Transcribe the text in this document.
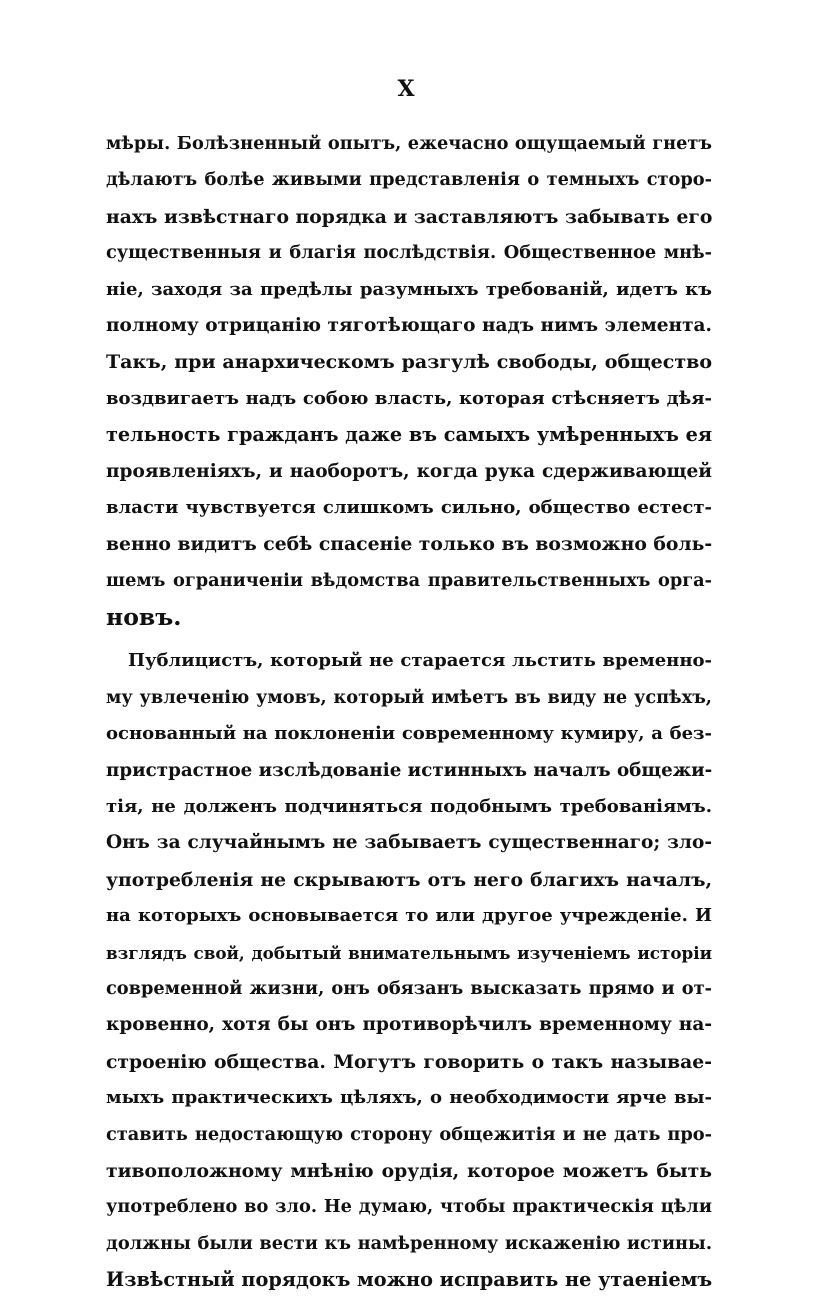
X
мѣры. Болѣзненный опытъ, ежечасно ощущаемый гнетъ
дѣлаютъ болѣе живыми представленія о темныхъ сторо-
нахъ извѣстнаго порядка и заставляютъ забывать его
существенныя и благія послѣдствія. Общественное мнѣ-
ніе, заходя за предѣлы разумныхъ требованій, идетъ къ
полному отрицанію тяготѣющаго надъ нимъ элемента.
Такъ, при анархическомъ разгулѣ свободы, общество
воздвигаетъ надъ собою власть, которая стѣсняетъ дѣя-
тельность гражданъ даже въ самыхъ умѣренныхъ ея
проявленіяхъ, и наоборотъ, когда рука сдерживающей
власти чувствуется слишкомъ сильно, общество естест-
венно видитъ себѣ спасеніе только въ возможно боль-
шемъ ограниченіи вѣдомства правительственныхъ орга-
новъ.
Публицистъ, который не старается льстить временно-
му увлеченію умовъ, который имѣетъ въ виду не успѣхъ,
основанный на поклоненіи современному кумиру, а без-
пристрастное изслѣдованіе истинныхъ началъ общежи-
тія, не долженъ подчиняться подобнымъ требованіямъ.
Онъ за случайнымъ не забываетъ существеннаго; зло-
употребленія не скрываютъ отъ него благихъ началъ,
на которыхъ основывается то или другое учрежденіе. И
взглядъ свой, добытый внимательнымъ изученіемъ исторіи
современной жизни, онъ обязанъ высказать прямо и от-
кровенно, хотя бы онъ противорѣчилъ временному на-
строенію общества. Могутъ говорить о такъ называе-
мыхъ практическихъ цѣляхъ, о необходимости ярче вы-
ставить недостающую сторону общежитія и не дать про-
тивоположному мнѣнію орудія, которое можетъ быть
употреблено во зло. Не думаю, чтобы практическія цѣли
должны были вести къ намѣренному искаженію истины.
Извѣстный порядокъ можно исправить не утаеніемъ
